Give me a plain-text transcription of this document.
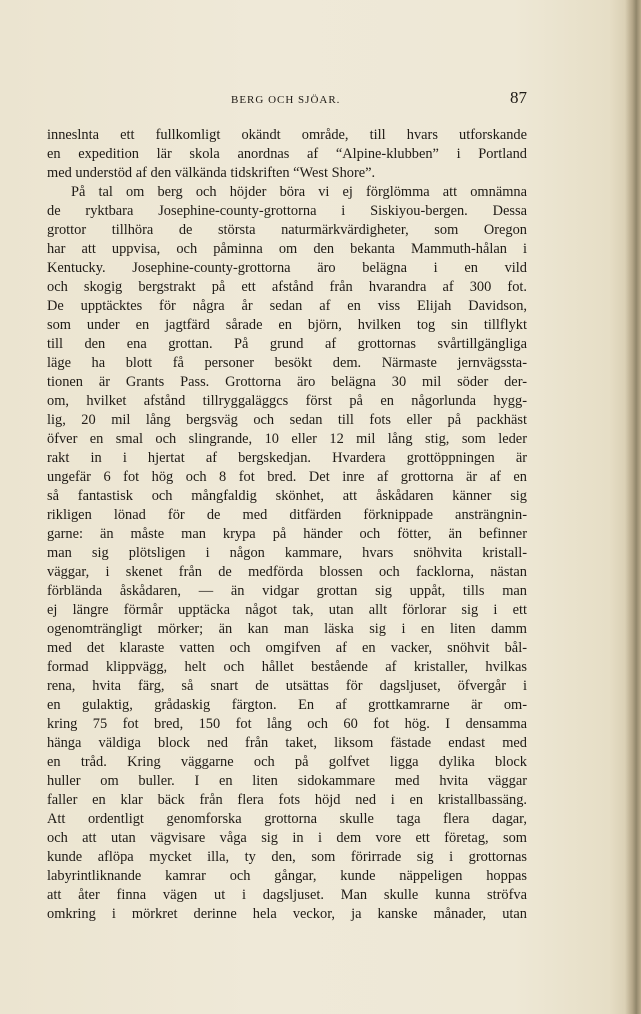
BERG OCH SJÖAR.	87
inneslnta ett fullkomligt okändt område, till hvars utforskande
en expedition lär skola anordnas af “Alpine-klubben” i Portland
med understöd af den välkända tidskriften “West Shore”.
På tal om berg och höjder böra vi ej förglömma att omnämna
de ryktbara Josephine-county-grottorna i Siskiyou-bergen. Dessa
grottor tillhöra de största naturmärkvärdigheter, som Oregon
har att uppvisa, och påminna om den bekanta Mammuth-hålan i
Kentucky. Josephine-county-grottorna äro belägna i en vild
och skogig bergstrakt på ett afstånd från hvarandra af 300 fot.
De upptäcktes för några år sedan af en viss Elijah Davidson,
som under en jagtfärd sårade en björn, hvilken tog sin tillflykt
till den ena grottan. På grund af grottornas svårtillgängliga
läge ha blott få personer besökt dem. Närmaste jernvägssta-
tionen är Grants Pass. Grottorna äro belägna 30 mil söder der-
om, hvilket afstånd tillryggaläggcs först på en någorlunda hygg-
lig, 20 mil lång bergsväg och sedan till fots eller på packhäst
öfver en smal och slingrande, 10 eller 12 mil lång stig, som leder
rakt in i hjertat af bergskedjan. Hvardera grottöppningen är
ungefär 6 fot hög och 8 fot bred. Det inre af grottorna är af en
så fantastisk och mångfaldig skönhet, att åskådaren känner sig
rikligen lönad för de med ditfärden förknippade ansträngnin-
garne: än måste man krypa på händer och fötter, än befinner
man sig plötsligen i någon kammare, hvars snöhvita kristall-
väggar, i skenet från de medförda blossen och facklorna, nästan
förblända åskådaren, — än vidgar grottan sig uppåt, tills man
ej längre förmår upptäcka något tak, utan allt förlorar sig i ett
ogenomträngligt mörker; än kan man läska sig i en liten damm
med det klaraste vatten och omgifven af en vacker, snöhvit bål-
formad klippvägg, helt och hållet bestående af kristaller, hvilkas
rena, hvita färg, så snart de utsättas för dagsljuset, öfvergår i
en gulaktig, grådaskig färgton. En af grottkamrarne är om-
kring 75 fot bred, 150 fot lång och 60 fot hög. I densamma
hänga väldiga block ned från taket, liksom fästade endast med
en tråd. Kring väggarne och på golfvet ligga dylika block
huller om buller. I en liten sidokammare med hvita väggar
faller en klar bäck från flera fots höjd ned i en kristallbassäng.
Att ordentligt genomforska grottorna skulle taga flera dagar,
och att utan vägvisare våga sig in i dem vore ett företag, som
kunde aflöpa mycket illa, ty den, som förirrade sig i grottornas
labyrintliknande kamrar och gångar, kunde näppeligen hoppas
att åter finna vägen ut i dagsljuset. Man skulle kunna ströfva
omkring i mörkret derinne hela veckor, ja kanske månader, utan
